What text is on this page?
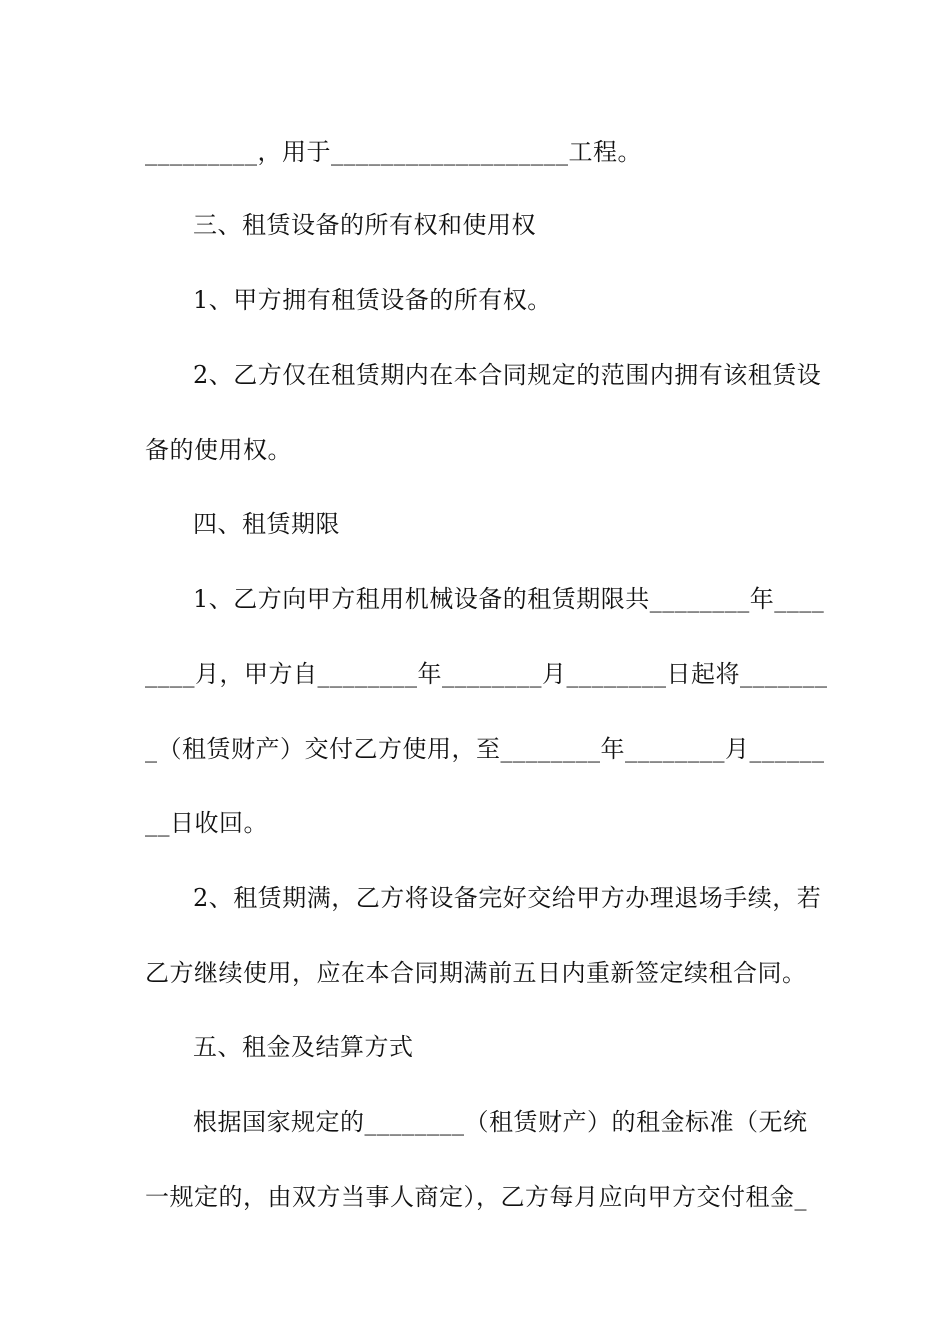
_________，用于___________________工程。
三、租赁设备的所有权和使用权
1、甲方拥有租赁设备的所有权。
2、乙方仅在租赁期内在本合同规定的范围内拥有该租赁设
备的使用权。
四、租赁期限
1、乙方向甲方租用机械设备的租赁期限共________年____
____月，甲方自________年________月________日起将_______
_（租赁财产）交付乙方使用，至________年________月______
__日收回。
2、租赁期满，乙方将设备完好交给甲方办理退场手续，若
乙方继续使用，应在本合同期满前五日内重新签定续租合同。
五、租金及结算方式
根据国家规定的________（租赁财产）的租金标准（无统
一规定的，由双方当事人商定），乙方每月应向甲方交付租金_
